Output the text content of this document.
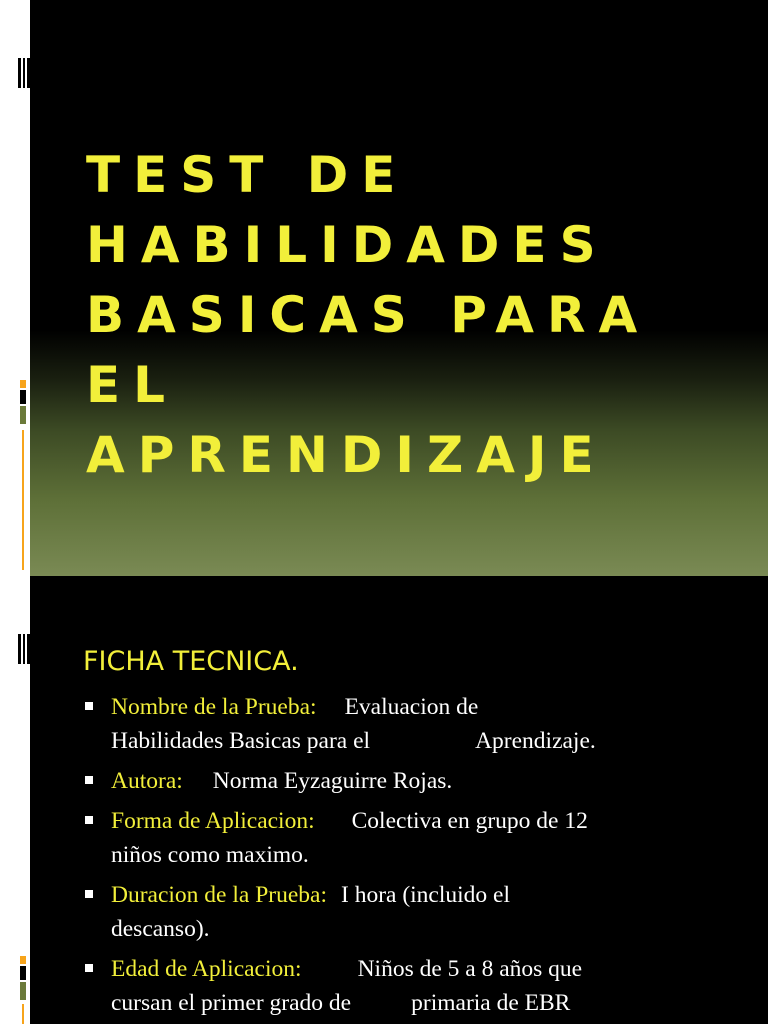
TEST DE
HABILIDADES
BASICAS PARA EL
APRENDIZAJE
FICHA TECNICA.
Nombre de la Prueba: Evaluacion de
Habilidades Basicas para el	Aprendizaje.
Autora: Norma Eyzaguirre Rojas.
Forma de Aplicacion: Colectiva en grupo de 12
niños como maximo.
Duracion de la Prueba: I hora (incluido el
descanso).
Edad de Aplicacion: Niños de 5 a 8 años que
cursan el primer grado de	primaria de EBR
